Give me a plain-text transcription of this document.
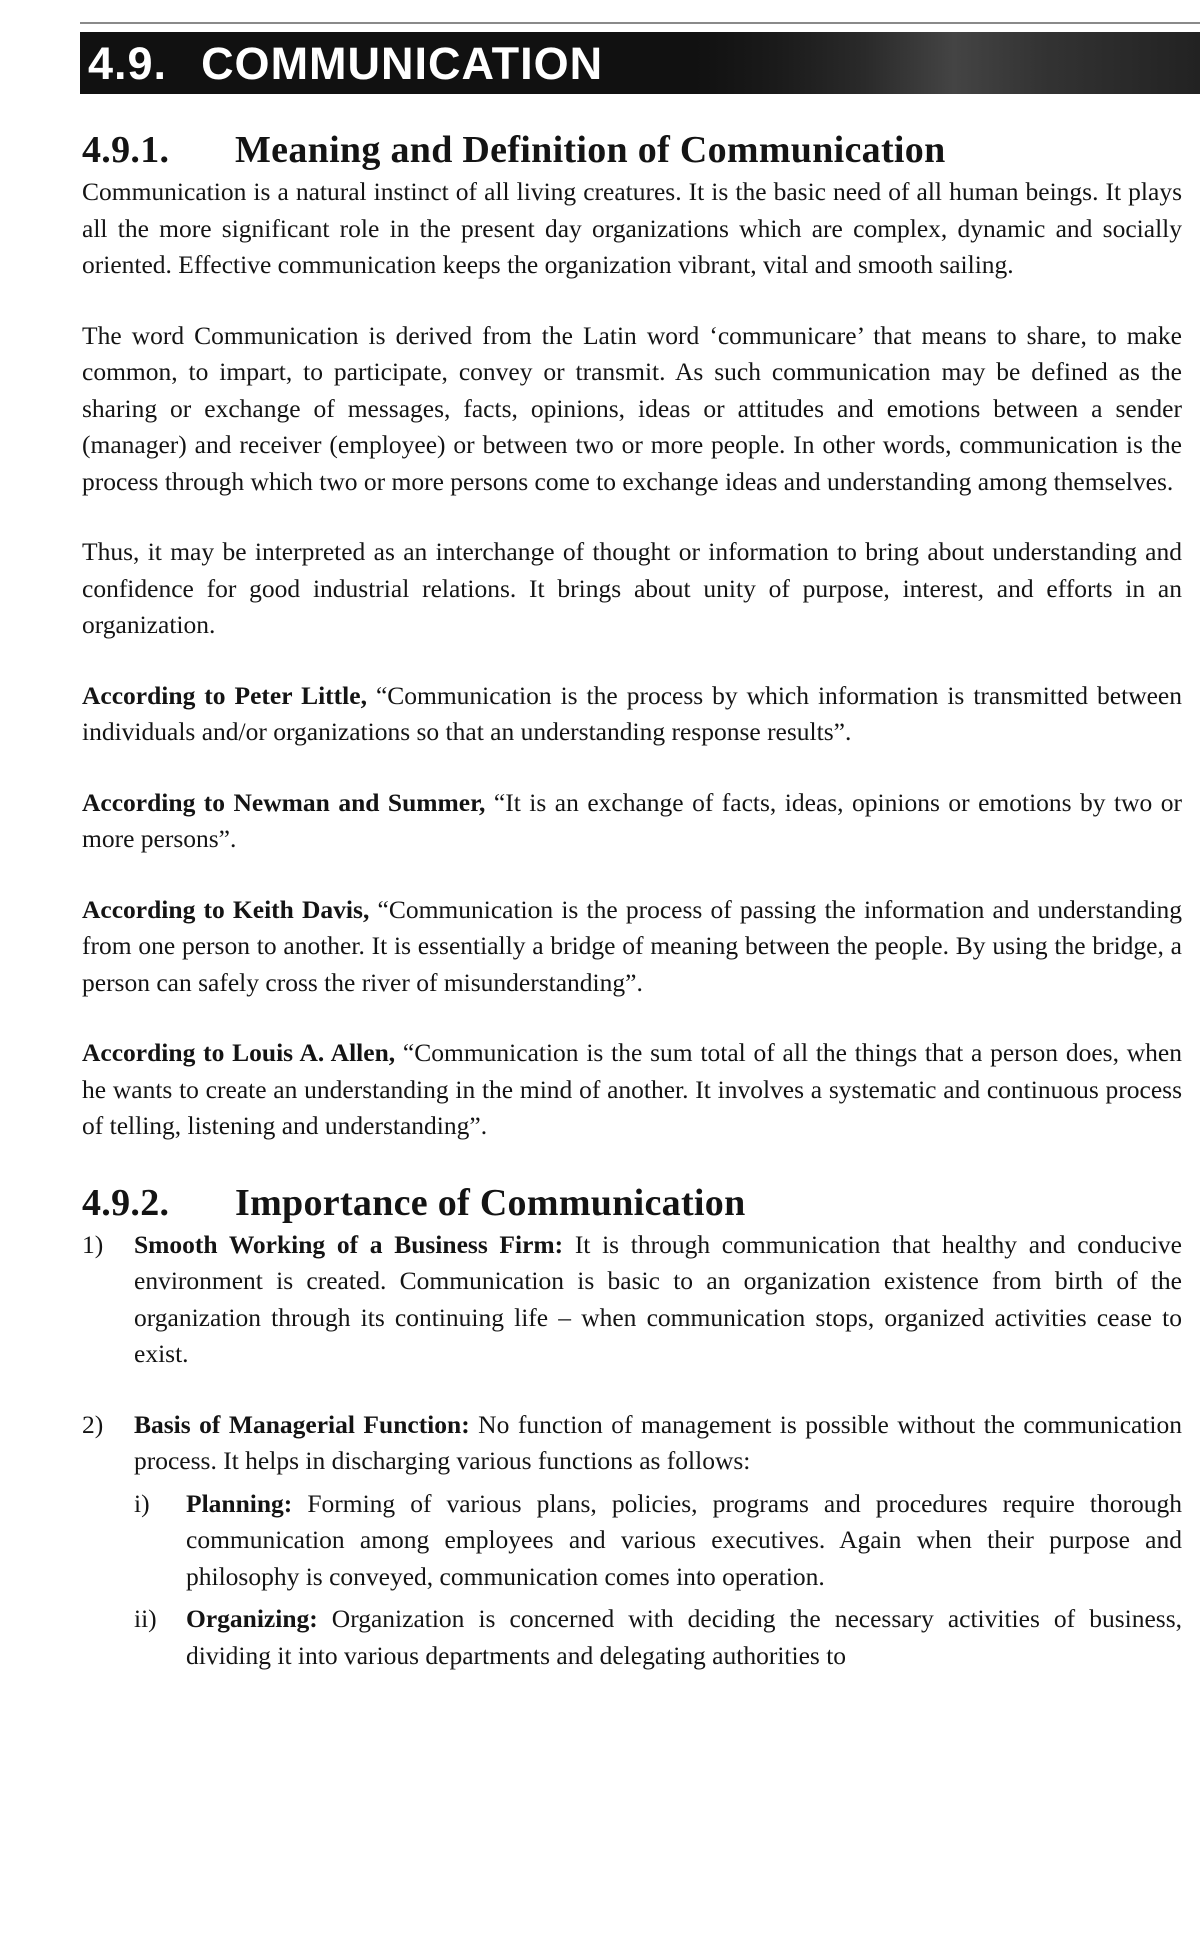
4.9. COMMUNICATION
4.9.1. Meaning and Definition of Communication

Communication is a natural instinct of all living creatures. It is the basic need of all human beings. It plays all the more significant role in the present day organizations which are complex, dynamic and socially oriented. Effective communication keeps the organization vibrant, vital and smooth sailing.

The word Communication is derived from the Latin word ‘communicare’ that means to share, to make common, to impart, to participate, convey or transmit. As such communication may be defined as the sharing or exchange of messages, facts, opinions, ideas or attitudes and emotions between a sender (manager) and receiver (employee) or between two or more people. In other words, communication is the process through which two or more persons come to exchange ideas and understanding among themselves.

Thus, it may be interpreted as an interchange of thought or information to bring about understanding and confidence for good industrial relations. It brings about unity of purpose, interest, and efforts in an organization.

According to Peter Little, “Communication is the process by which information is transmitted between individuals and/or organizations so that an understanding response results”.

According to Newman and Summer, “It is an exchange of facts, ideas, opinions or emotions by two or more persons”.

According to Keith Davis, “Communication is the process of passing the information and understanding from one person to another. It is essentially a bridge of meaning between the people. By using the bridge, a person can safely cross the river of misunderstanding”.

According to Louis A. Allen, “Communication is the sum total of all the things that a person does, when he wants to create an understanding in the mind of another. It involves a systematic and continuous process of telling, listening and understanding”.

4.9.2. Importance of Communication
1) Smooth Working of a Business Firm: It is through communication that healthy and conducive environment is created. Communication is basic to an organization existence from birth of the organization through its continuing life – when communication stops, organized activities cease to exist.
2) Basis of Managerial Function: No function of management is possible without the communication process. It helps in discharging various functions as follows:
i) Planning: Forming of various plans, policies, programs and procedures require thorough communication among employees and various executives. Again when their purpose and philosophy is conveyed, communication comes into operation.
ii) Organizing: Organization is concerned with deciding the necessary activities of business, dividing it into various departments and delegating authorities to
